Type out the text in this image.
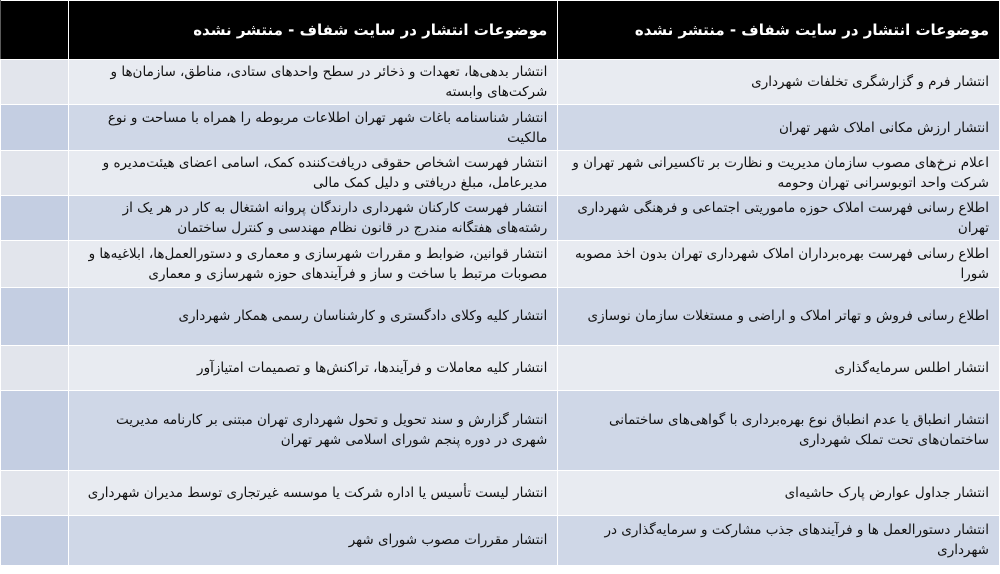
موضوعات انتشار در سایت شفاف - منتشر نشده	موضوعات انتشار در سایت شفاف - منتشر نشده	
انتشار فرم و گزارشگری تخلفات شهرداری	انتشار بدهی‌ها، تعهدات و ذخائر در سطح واحدهای ستادی، مناطق، سازمان‌ها و شرکت‌های وابسته	
انتشار ارزش مکانی املاک شهر تهران	انتشار شناسنامه باغات شهر تهران اطلاعات مربوطه را همراه با مساحت و نوع مالکیت	
اعلام نرخ‌های مصوب سازمان مدیریت و نظارت بر تاکسیرانی شهر تهران و شرکت واحد اتوبوسرانی تهران وحومه	انتشار فهرست اشخاص حقوقی دریافت‌کننده کمک، اسامی اعضای هیئت‌مدیره و مدیرعامل، مبلغ دریافتی و دلیل کمک مالی	
اطلاع رسانی فهرست املاک حوزه ماموریتی اجتماعی و فرهنگی شهرداری تهران	انتشار فهرست کارکنان شهرداری دارندگان پروانه اشتغال به کار در هر یک از رشته‌های هفتگانه مندرج در قانون نظام مهندسی و کنترل ساختمان	
اطلاع رسانی فهرست بهره‌برداران املاک شهرداری تهران بدون اخذ مصوبه شورا	انتشار قوانین، ضوابط و مقررات شهرسازی و معماری و دستورالعمل‌ها، ابلاغیه‌ها و مصوبات مرتبط با ساخت و ساز و فرآیندهای حوزه شهرسازی و معماری	
اطلاع رسانی فروش و تهاتر املاک و اراضی و مستغلات سازمان نوسازی	انتشار کلیه وکلای دادگستری و کارشناسان رسمی همکار شهرداری	
انتشار اطلس سرمایه‌گذاری	انتشار کلیه معاملات و فرآیندها، تراکنش‌ها و تصمیمات امتیازآور	
انتشار انطباق یا عدم انطباق نوع بهره‌برداری با گواهی‌های ساختمانی ساختمان‌های تحت تملک شهرداری	انتشار گزارش و سند تحویل و تحول شهرداری تهران مبتنی بر کارنامه مدیریت شهری در دوره پنجم شورای اسلامی شهر تهران	
انتشار جداول عوارض پارک حاشیه‌ای	انتشار لیست تأسیس یا اداره شرکت یا موسسه غیرتجاری توسط مدیران شهرداری	
انتشار دستورالعمل ها و فرآیندهای جذب مشارکت و سرمایه‌گذاری در شهرداری	انتشار مقررات مصوب شورای شهر	
